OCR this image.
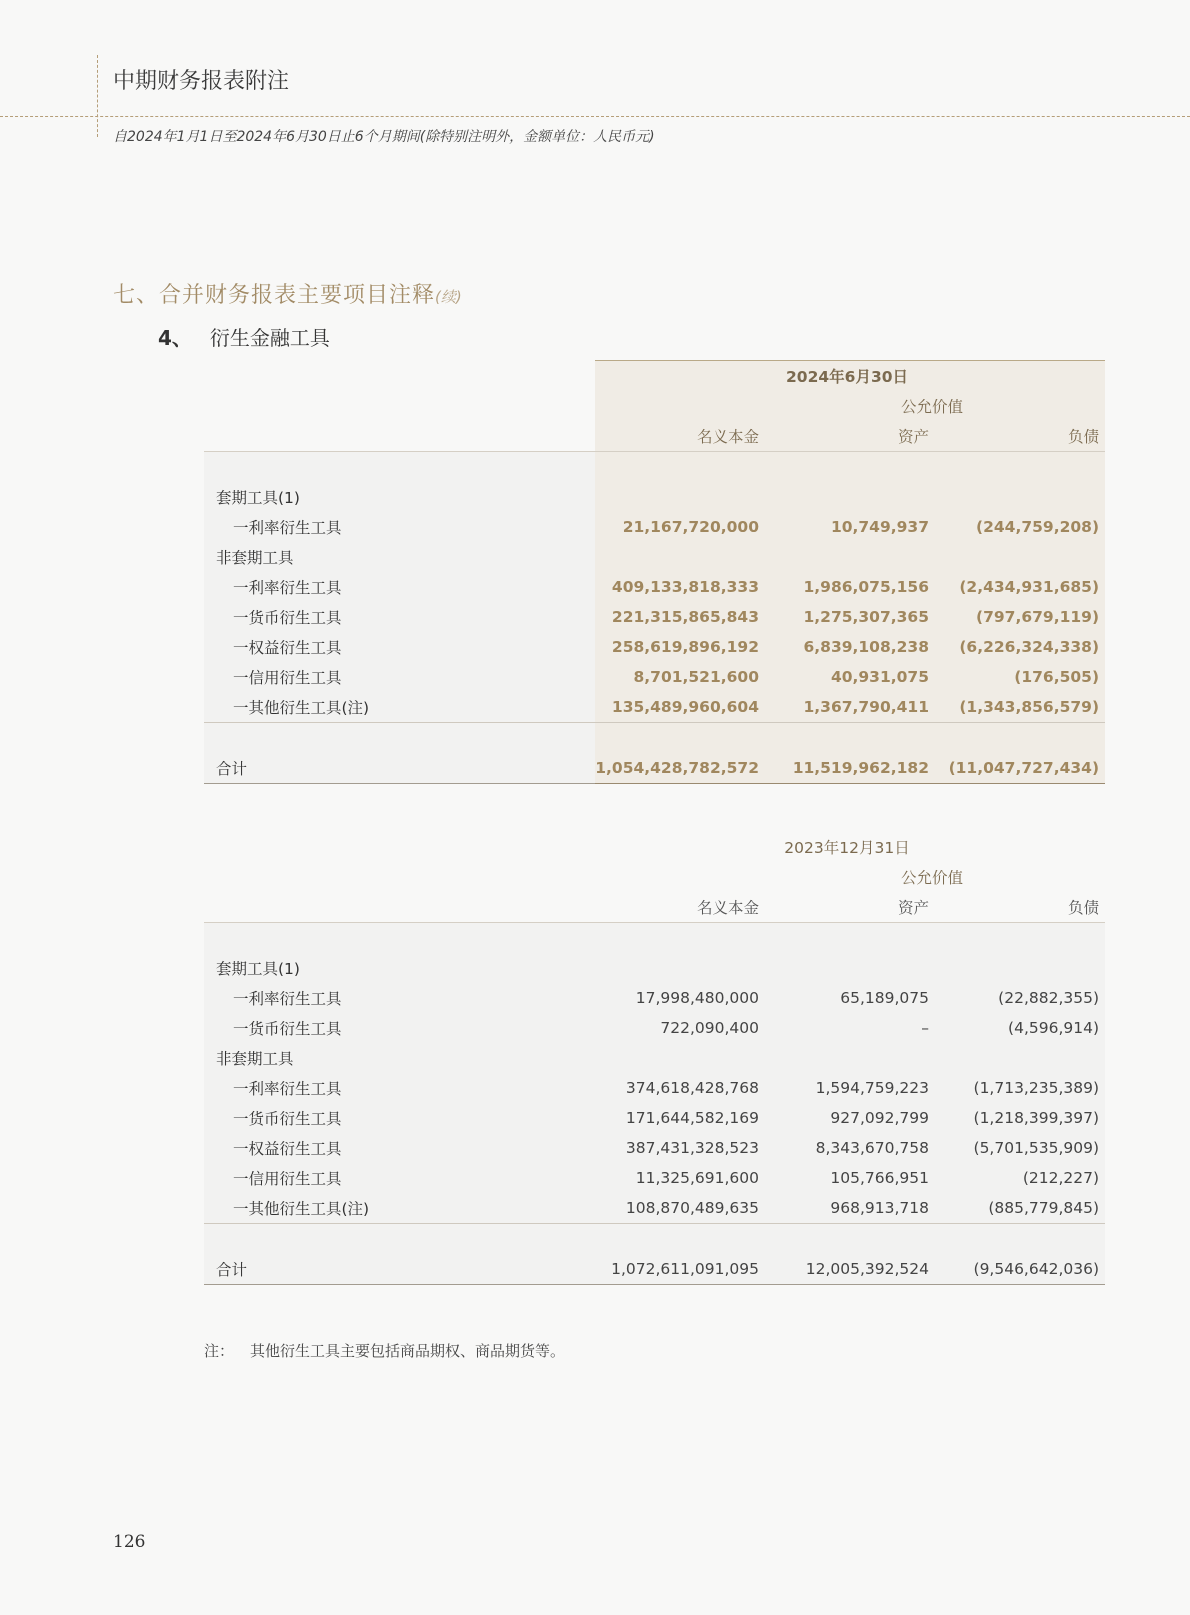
中期财务报表附注
自2024年1月1日至2024年6月30日止6个月期间(除特别注明外，金额单位：人民币元)
七、合并财务报表主要项目注释(续)
4、 衍生金融工具
	2024年6月30日		
		公允价值	
	名义本金	资产	负债

套期工具(1)			
一利率衍生工具	21,167,720,000	10,749,937	(244,759,208)
非套期工具			
一利率衍生工具	409,133,818,333	1,986,075,156	(2,434,931,685)
一货币衍生工具	221,315,865,843	1,275,307,365	(797,679,119)
一权益衍生工具	258,619,896,192	6,839,108,238	(6,226,324,338)
一信用衍生工具	8,701,521,600	40,931,075	(176,505)
一其他衍生工具(注)	135,489,960,604	1,367,790,411	(1,343,856,579)

合计	1,054,428,782,572	11,519,962,182	(11,047,727,434)
	2023年12月31日		
		公允价值	
	名义本金	资产	负债

套期工具(1)			
一利率衍生工具	17,998,480,000	65,189,075	(22,882,355)
一货币衍生工具	722,090,400	–	(4,596,914)
非套期工具			
一利率衍生工具	374,618,428,768	1,594,759,223	(1,713,235,389)
一货币衍生工具	171,644,582,169	927,092,799	(1,218,399,397)
一权益衍生工具	387,431,328,523	8,343,670,758	(5,701,535,909)
一信用衍生工具	11,325,691,600	105,766,951	(212,227)
一其他衍生工具(注)	108,870,489,635	968,913,718	(885,779,845)

合计	1,072,611,091,095	12,005,392,524	(9,546,642,036)
注： 其他衍生工具主要包括商品期权、商品期货等。
126
